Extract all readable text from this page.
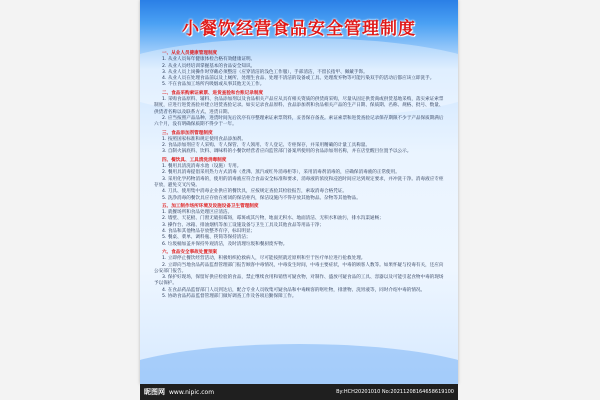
小餐饮经营食品安全管理制度
一、从业人员健康管理制度
1. 从业人员每年健康体检合格有效健康证明。
2. 从业人员经培训掌握基本的食品安全知识。
3. 从业人员上岗操作时穿戴必须整洁（应穿清洁的浅色工作服），手部清洁，不留长指甲、佩戴手饰。
4. 从业人员在处理食品前以及上厕所、处理生食品、处理不清洁的设备或工具、处理废弃物等可能污染双手的活动后都应该立即洗手。
5. 不在食品加工场所内吸烟或从事其他无关工作。
二、食品采购索证索票、进货查验和台账记录制度
1. 采购食品原料、辅料、食品添加剂以及食品相关产品应从具有相关资质的供货商采购，尽量从固定供货商或供货基地采购，落实索证索票制度，应进行进货查验并建立进货查验记录。如实记录食品原料、食品添加剂和食品相关产品的生产日期、保质期、名称、规格、批号、数量、供货者名称以及联系方式、进货日期。
2. 应当按照产品品种、进货时间先后次序有序整理索证索票资料，妥善保存备查。索证索票和进货查验记录保存期限不少于产品保质期满后六个月，没有明确保质期不得少于一年。
三、食品添加剂管理制度
1. 按照国家标准和规定使用食品添加剂。
2. 食品添加剂应专人采购、专人保管、专人领用、专人登记、专柜保存，并采用精确的计量工具称量。
3. 自制火锅底料、饮料、调味料的小餐饮经营者应向监管部门备案所使用的食品添加剂名称，并在店堂醒目位置予以公示。
四、餐饮具、工具清洗消毒制度
1. 餐用具清洗消毒水池（设施）专用。
2. 餐用具消毒提倡采用热力方式消毒（煮沸、蒸汽或红外消毒柜等），采用消毒剂消毒的，应确保消毒液的正常使用。
3. 采用化学药物消毒的，使用的消毒液应符合食品安全标准和要求，消毒液的浓度和浸泡时间应达到规定要求，并冲洗干净。消毒液应专柜存放，避免交叉污染。
4. 刀具、使用集中消毒企业供应的餐饮具，应按规定查验其检验报告，索取消毒合格凭证。
5. 洗净消毒的餐饮具应存放在密闭的保洁柜内，保洁设施内不得存放其他物品。杂物等其他物品。
五、加工制作场所环境及设施设备卫生管理制度
1. 就餐场所和食品处理区应清洁。
2. 墙壁、天花板、门窗无破损霉斑，霉斑或其污物，地面无积水、地面清洁、无积水和油污，排水沟渠通畅；
3. 操作台、冰箱、排油烟机等加工设施设备与卫生工具及其他食品等用品干净；
4. 食品和其他物品存放整齐有序，标识明显；
5. 餐桌、菜单、调料瓶、筷筒等保持清洁；
6. 垃圾桶加盖并保持外观清洁，及时清理垃圾和餐厨废弃物。
六、食品安全事故处置预案
1. 立即停止餐饮经营活动，积极组织抢救病人，尽可能按照就近原则和至于医疗单位进行抢救处理。
2. 立即向当地食品药品监督管理部门报告顾客中毒情况，中毒发生时间，中毒主要症状，中毒的顾客人数等。如果怀疑与投毒有关，还应向公安部门报告。
3. 保护好现场，保留好供应检验的食品，禁止继续食用和销售可疑食物，对制作、盛放可疑食品的工具、容器以及可能引起食物中毒的现场予以保护。
4. 在食品药品监督部门人员到达后，配合专业人员收集可疑食品和中毒顾客的呕吐物，排泄物、洗胃液等，同时介绍中毒的情况。
5. 协助食品药品监督管理部门做好调查工作及各项后勤保障工作。
昵图网 www.nipic.com	By:HCH20201010 No:20211208164658619100
